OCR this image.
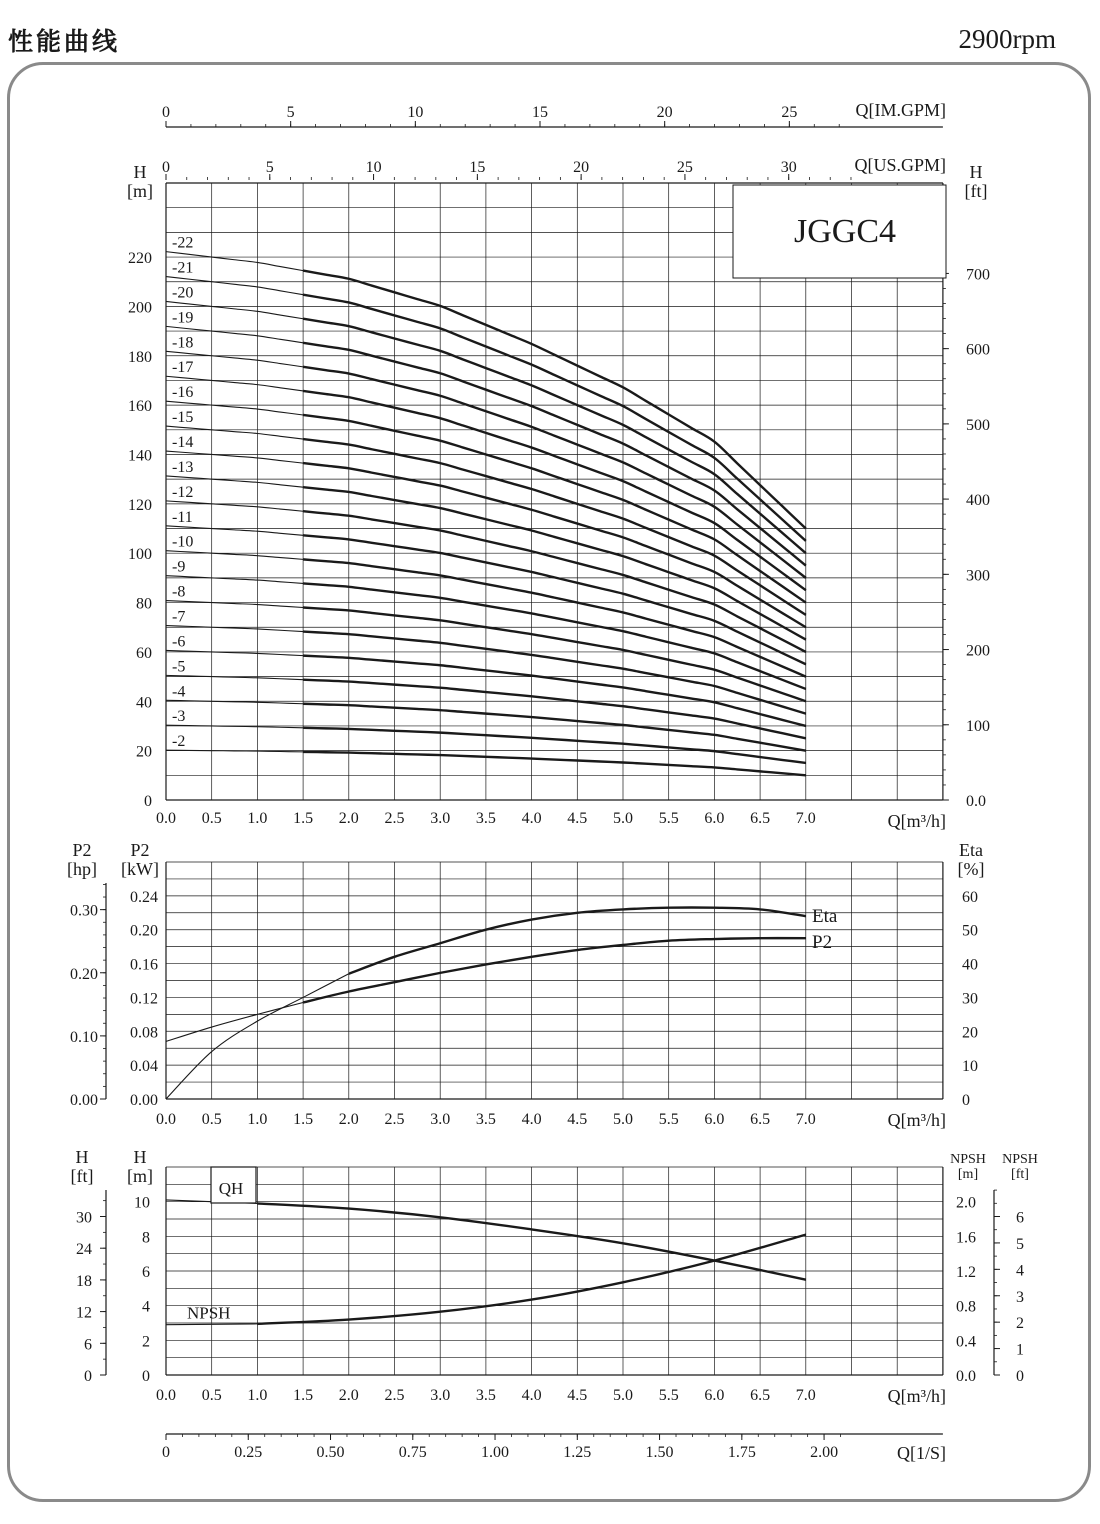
性能曲线	2900rpm
0
20
40
60
80
100
120
140
160
180
200
220
0.0
100
200
300
400
500
600
700
0.0 0.5 1.0 1.5 2.0 2.5 3.0 3.5 4.0 4.5 5.0 5.5 6.0 6.5 7.0	Q[m³/h]
H
[m]
H
[ft]
0	5	10	15	20	25	30	Q[US.GPM]
0	5	10	15	20	25	Q[IM.GPM]
-2
-3
-4
-5
-6
-7
-8
-9
-10
-11
-12
-13
-14
-15
-16
-17
-18
-19
-20
-21
-22
0.00
0.04
0.08
0.12
0.16
0.20
0.24
0.00
0.10
0.20
0.30
P2
[hp]
P2
[kW]
Eta
[%]
0
10
20
30
40
50
60
0.0 0.5 1.0 1.5 2.0 2.5 3.0 3.5 4.0 4.5 5.0 5.5 6.0 6.5 7.0	Q[m³/h]
Eta
P2
0
2
4
6
8
10
0
6
12
18
24
30
H
[ft]
H
[m]
0.0
0.4
0.8
1.2
1.6
2.0
NPSH
[m]
0
1
2
3
4
5
6
NPSH
[ft]
0.0 0.5 1.0 1.5 2.0 2.5 3.0 3.5 4.0 4.5 5.0 5.5 6.0 6.5 7.0	Q[m³/h]
QH
NPSH
0	0.25	0.50	0.75	1.00	1.25	1.50	1.75	2.00	Q[1/S]
JGGC4
